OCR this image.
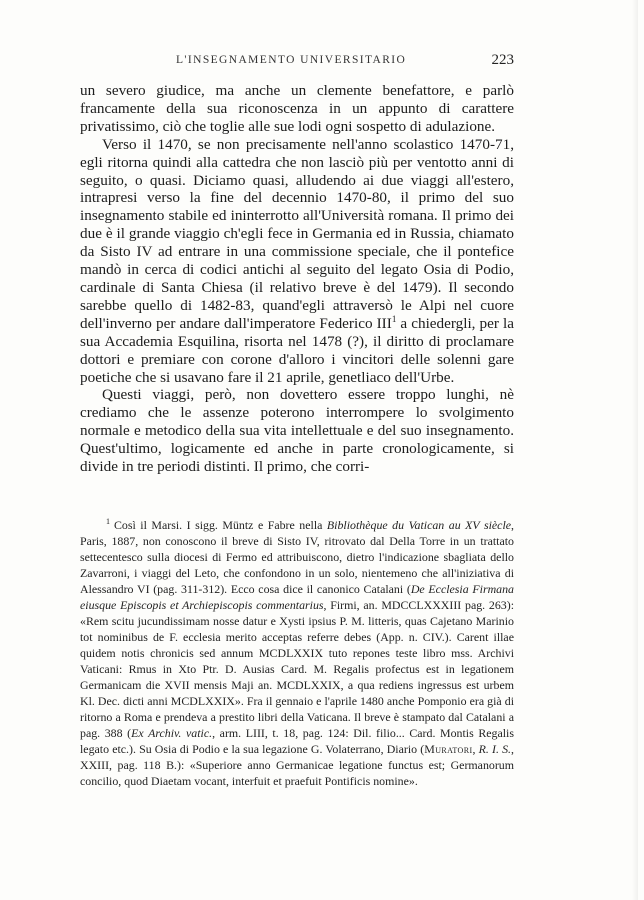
L'INSEGNAMENTO UNIVERSITARIO	223

un severo giudice, ma anche un clemente benefattore, e parlò francamente della sua riconoscenza in un appunto di carattere privatissimo, ciò che toglie alle sue lodi ogni sospetto di adulazione.

Verso il 1470, se non precisamente nell'anno scolastico 1470-71, egli ritorna quindi alla cattedra che non lasciò più per ventotto anni di seguito, o quasi. Diciamo quasi, alludendo ai due viaggi all'estero, intrapresi verso la fine del decennio 1470-80, il primo del suo insegnamento stabile ed ininterrotto all'Università romana. Il primo dei due è il grande viaggio ch'egli fece in Germania ed in Russia, chiamato da Sisto IV ad entrare in una commissione speciale, che il pontefice mandò in cerca di codici antichi al seguito del legato Osia di Podio, cardinale di Santa Chiesa (il relativo breve è del 1479). Il secondo sarebbe quello di 1482-83, quand'egli attraversò le Alpi nel cuore dell'inverno per andare dall'imperatore Federico III$^1$ a chiedergli, per la sua Accademia Esquilina, risorta nel 1478 (?), il diritto di proclamare dottori e premiare con corone d'alloro i vincitori delle solenni gare poetiche che si usavano fare il 21 aprile, genetliaco dell'Urbe.

Questi viaggi, però, non dovettero essere troppo lunghi, nè crediamo che le assenze poterono interrompere lo svolgimento normale e metodico della sua vita intellettuale e del suo insegnamento. Quest'ultimo, logicamente ed anche in parte cronologicamente, si divide in tre periodi distinti. Il primo, che corri-

$^1$ Così il Marsi. I sigg. Müntz e Fabre nella Bibliothèque du Vatican au XV siècle, Paris, 1887, non conoscono il breve di Sisto IV, ritrovato dal Della Torre in un trattato settecentesco sulla diocesi di Fermo ed attribuiscono, dietro l'indicazione sbagliata dello Zavarroni, i viaggi del Leto, che confondono in un solo, nientemeno che all'iniziativa di Alessandro VI (pag. 311-312). Ecco cosa dice il canonico Catalani (De Ecclesia Firmana eiusque Episcopis et Archiepiscopis commentarius, Firmi, an. MDCCLXXXIII pag. 263): «Rem scitu jucundissimam nosse datur e Xysti ipsius P. M. litteris, quas Cajetano Marinio tot nominibus de F. ecclesia merito acceptas referre debes (App. n. CIV.). Carent illae quidem notis chronicis sed annum MCDLXXIX tuto repones teste libro mss. Archivi Vaticani: Rmus in Xto Ptr. D. Ausias Card. M. Regalis profectus est in legationem Germanicam die XVII mensis Maji an. MCDLXXIX, a qua rediens ingressus est urbem Kl. Dec. dicti anni MCDLXXIX». Fra il gennaio e l'aprile 1480 anche Pomponio era già di ritorno a Roma e prendeva a prestito libri della Vaticana. Il breve è stampato dal Catalani a pag. 388 (Ex Archiv. vatic., arm. LIII, t. 18, pag. 124: Dil. filio... Card. Montis Regalis legato etc.). Su Osia di Podio e la sua legazione G. Volaterrano, Diario (Muratori, R. I. S., XXIII, pag. 118 B.): «Superiore anno Germanicae legatione functus est; Germanorum concilio, quod Diaetam vocant, interfuit et praefuit Pontificis nomine».
